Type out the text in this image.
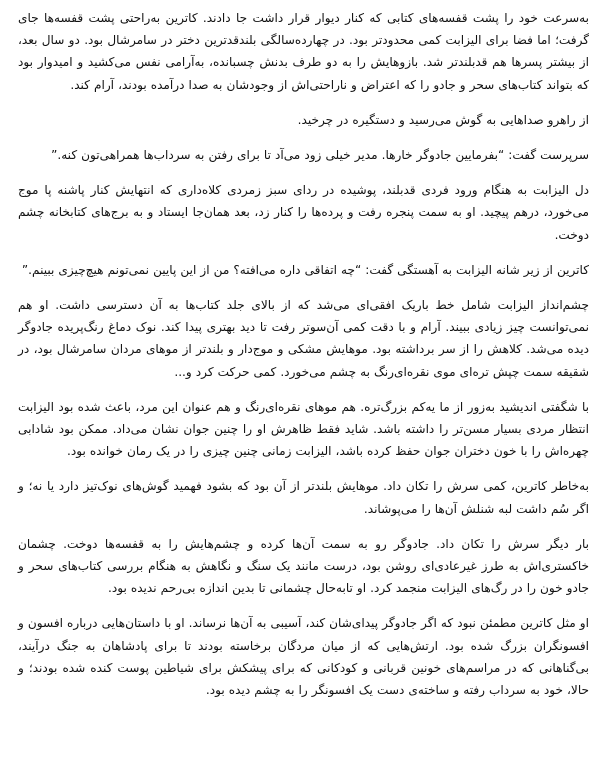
به‌سرعت خود را پشت قفسه‌های کتابی که کنار دیوار قرار داشت جا دادند. کاترین به‌راحتی پشت قفسه‌ها جای گرفت؛ اما فضا برای الیزابت کمی محدودتر بود. در چهارده‌سالگی بلندقدترین دختر در سامرشال بود. دو سال بعد، از بیشتر پسرها هم قدبلندتر شد. بازوهایش را به دو طرف بدنش چسبانده، به‌آرامی نفس می‌کشید و امیدوار بود که بتواند کتاب‌های سحر و جادو را که اعتراض و ناراحتی‌اش از وجودشان به صدا درآمده بودند، آرام کند.

از راهرو صداهایی به گوش می‌رسید و دستگیره در چرخید.

سرپرست گفت: “بفرمایین جادوگر خارها. مدیر خیلی زود می‌آد تا برای رفتن به سرداب‌ها همراهی‌تون کنه.”

دل الیزابت به هنگام ورود فردی قدبلند، پوشیده در ردای سبز زمردی کلاه‌داری که انتهایش کنار پاشنه پا موج می‌خورد، درهم پیچید. او به سمت پنجره رفت و پرده‌ها را کنار زد، بعد همان‌جا ایستاد و به برج‌های کتابخانه چشم دوخت.

کاترین از زیر شانه الیزابت به آهستگی گفت: “چه اتفاقی داره می‌افته؟ من از این پایین نمی‌تونم هیچ‌چیزی ببینم.”

چشم‌انداز الیزابت شامل خط باریک افقی‌ای می‌شد که از بالای جلد کتاب‌ها به آن دسترسی داشت. او هم نمی‌توانست چیز زیادی ببیند. آرام و با دقت کمی آن‌سوتر رفت تا دید بهتری پیدا کند. نوک دماغ رنگ‌پریده جادوگر دیده می‌شد. کلاهش را از سر برداشته بود. موهایش مشکی و موج‌دار و بلندتر از موهای مردان سامرشال بود، در شقیقه سمت چپش تره‌ای موی نقره‌ای‌رنگ به چشم می‌خورد. کمی حرکت کرد و...

با شگفتی اندیشید به‌زور از ما یه‌کم بزرگ‌تره. هم موهای نقره‌ای‌رنگ و هم عنوان این مرد، باعث شده بود الیزابت انتظار مردی بسیار مسن‌تر را داشته باشد. شاید فقط ظاهرش او را چنین جوان نشان می‌داد. ممکن بود شادابی چهره‌اش را با خون دختران جوان حفظ کرده باشد، الیزابت زمانی چنین چیزی را در یک رمان خوانده بود.

به‌خاطر کاترین، کمی سرش را تکان داد. موهایش بلندتر از آن بود که بشود فهمید گوش‌های نوک‌تیز دارد یا نه؛ و اگر سُم داشت لبه شنلش آن‌ها را می‌پوشاند.

بار دیگر سرش را تکان داد. جادوگر رو به سمت آن‌ها کرده و چشم‌هایش را به قفسه‌ها دوخت. چشمان خاکستری‌اش به طرز غیرعادی‌ای روشن بود، درست مانند یک سنگ و نگاهش به هنگام بررسی کتاب‌های سحر و جادو خون را در رگ‌های الیزابت منجمد کرد. او تابه‌حال چشمانی تا بدین اندازه بی‌رحم ندیده بود.

او مثل کاترین مطمئن نبود که اگر جادوگر پیدای‌شان کند، آسیبی به آن‌ها نرساند. او با داستان‌هایی درباره افسون و افسونگران بزرگ شده بود. ارتش‌هایی که از میان مردگان برخاسته بودند تا برای پادشاهان به جنگ درآیند، بی‌گناهانی که در مراسم‌های خونین قربانی و کودکانی که برای پیشکش برای شیاطین پوست کنده شده بودند؛ و حالا، خود به سرداب رفته و ساخته‌ی دست یک افسونگر را به چشم دیده بود.
